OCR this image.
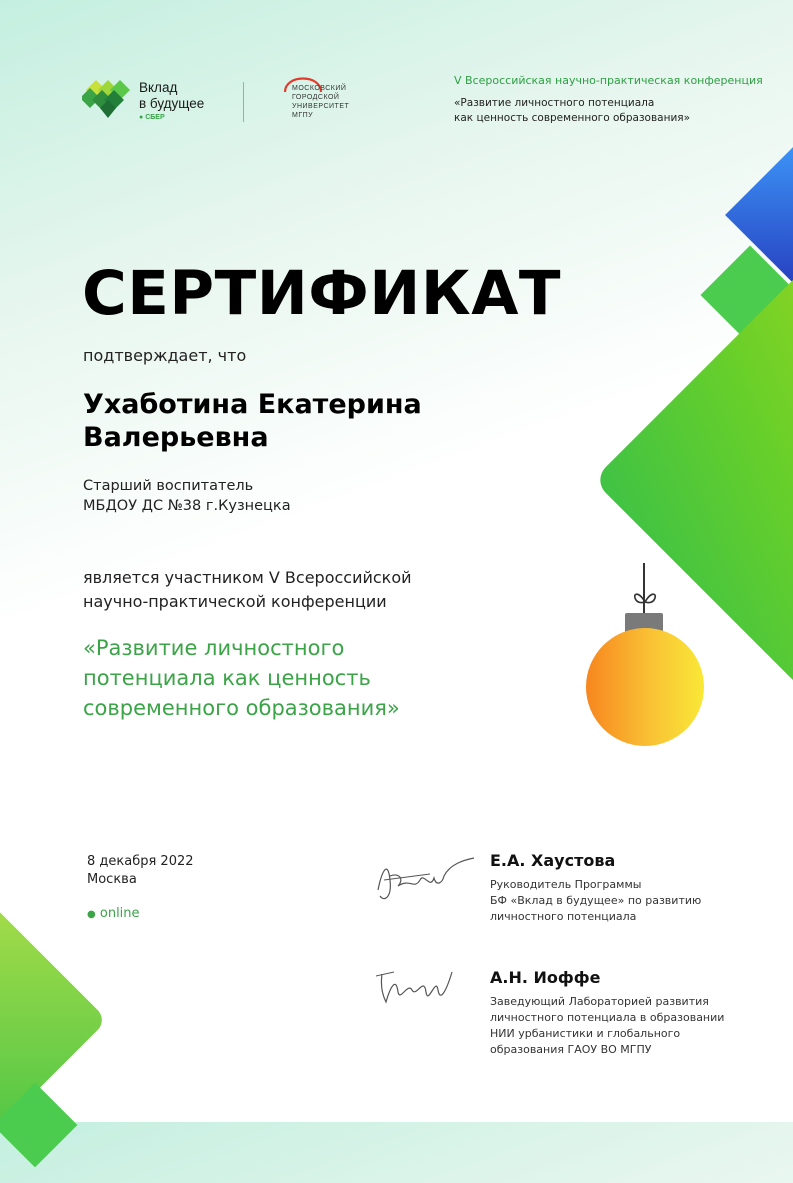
Вклад
в будущее
● СБЕР
МОСКОВСКИЙ
ГОРОДСКОЙ
УНИВЕРСИТЕТ
МГПУ
V Всероссийская научно-практическая конференция
«Развитие личностного потенциала
как ценность современного образования»
СЕРТИФИКАТ
подтверждает, что
Ухаботина Екатерина
Валерьевна
Старший воспитатель
МБДОУ ДС №38 г.Кузнецка
является участником V Всероссийской
научно-практической конференции
«Развитие личностного
потенциала как ценность
современного образования»
8 декабря 2022
Москва
● online
Е.А. Хаустова
Руководитель Программы
БФ «Вклад в будущее» по развитию
личностного потенциала
А.Н. Иоффе
Заведующий Лабораторией развития
личностного потенциала в образовании
НИИ урбанистики и глобального
образования ГАОУ ВО МГПУ
